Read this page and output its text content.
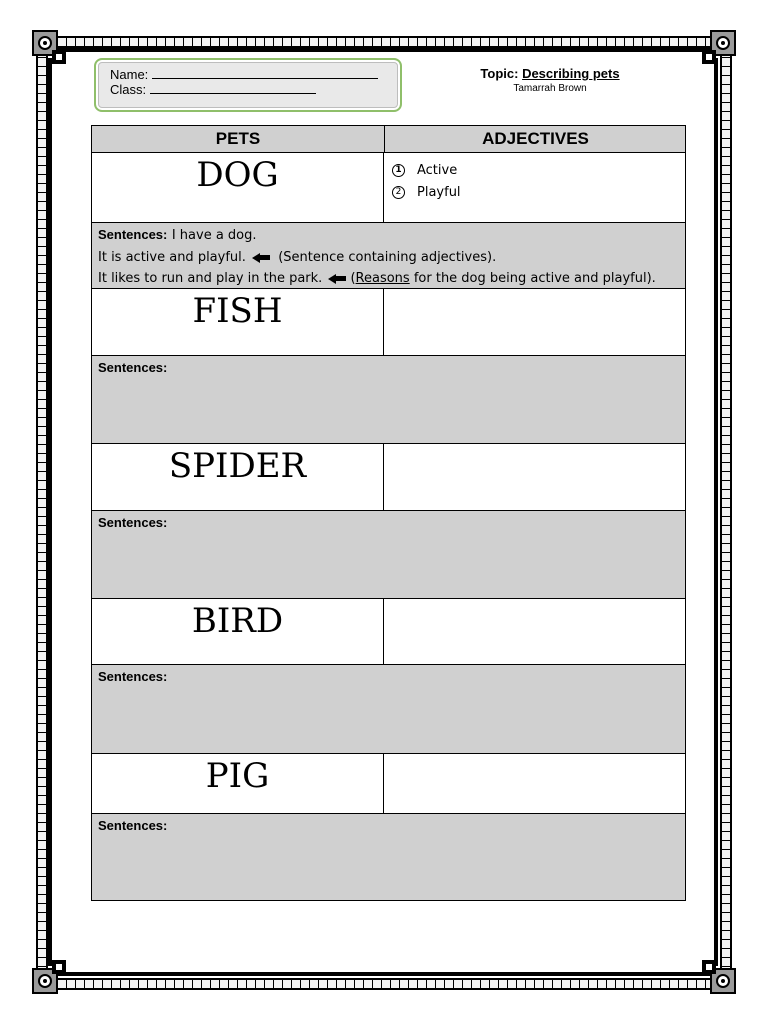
Name:
Class:
Topic: Describing pets
Tamarrah Brown
PETS	ADJECTIVES
DOG	1 Active
2 Playful
Sentences: I have a dog.
It is active and playful. (Sentence containing adjectives).
It likes to run and play in the park. (Reasons for the dog being active and playful).
FISH
Sentences:
SPIDER
Sentences:
BIRD
Sentences:
PIG
Sentences:
